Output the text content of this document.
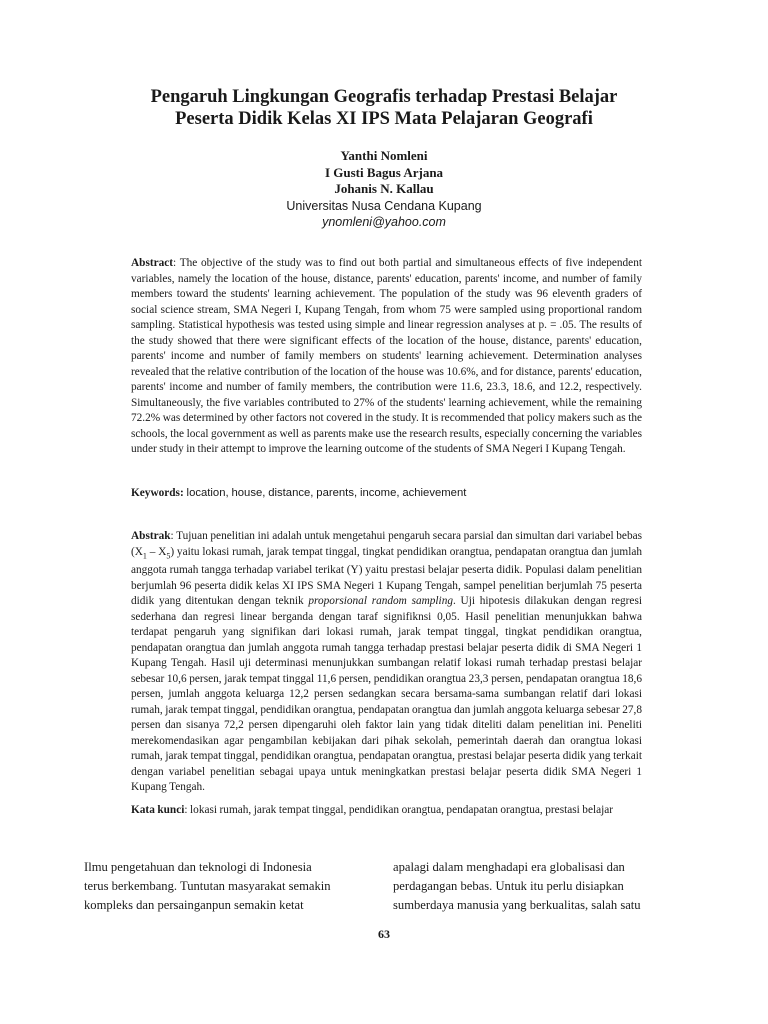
Pengaruh Lingkungan Geografis terhadap Prestasi Belajar
Peserta Didik Kelas XI IPS Mata Pelajaran Geografi
Yanthi Nomleni
I Gusti Bagus Arjana
Johanis N. Kallau
Universitas Nusa Cendana Kupang
ynomleni@yahoo.com
Abstract: The objective of the study was to find out both partial and simultaneous effects of five independent variables, namely the location of the house, distance, parents' education, parents' income, and number of family members toward the students' learning achievement. The population of the study was 96 eleventh graders of social science stream, SMA Negeri I, Kupang Tengah, from whom 75 were sampled using proportional random sampling. Statistical hypothesis was tested using simple and linear regression analyses at p. = .05. The results of the study showed that there were significant effects of the location of the house, distance, parents' education, parents' income and number of family members on students' learning achievement. Determination analyses revealed that the relative contribution of the location of the house was 10.6%, and for distance, parents' education, parents' income and number of family members, the contribution were 11.6, 23.3, 18.6, and 12.2, respectively. Simultaneously, the five variables contributed to 27% of the students' learning achievement, while the remaining 72.2% was determined by other factors not covered in the study. It is recommended that policy makers such as the schools, the local government as well as parents make use the research results, especially concerning the variables under study in their attempt to improve the learning outcome of the students of SMA Negeri I Kupang Tengah.
Keywords: location, house, distance, parents, income, achievement
Abstrak: Tujuan penelitian ini adalah untuk mengetahui pengaruh secara parsial dan simultan dari variabel bebas $(X_1 - X_5)$ yaitu lokasi rumah, jarak tempat tinggal, tingkat pendidikan orangtua, pendapatan orangtua dan jumlah anggota rumah tangga terhadap variabel terikat (Y) yaitu prestasi belajar peserta didik. Populasi dalam penelitian berjumlah 96 peserta didik kelas XI IPS SMA Negeri 1 Kupang Tengah, sampel penelitian berjumlah 75 peserta didik yang ditentukan dengan teknik proporsional random sampling. Uji hipotesis dilakukan dengan regresi sederhana dan regresi linear berganda dengan taraf signifiknsi 0,05. Hasil penelitian menunjukkan bahwa terdapat pengaruh yang signifikan dari lokasi rumah, jarak tempat tinggal, tingkat pendidikan orangtua, pendapatan orangtua dan jumlah anggota rumah tangga terhadap prestasi belajar peserta didik di SMA Negeri 1 Kupang Tengah. Hasil uji determinasi menunjukkan sumbangan relatif lokasi rumah terhadap prestasi belajar sebesar 10,6 persen, jarak tempat tinggal 11,6 persen, pendidikan orangtua 23,3 persen, pendapatan orangtua 18,6 persen, jumlah anggota keluarga 12,2 persen sedangkan secara bersama-sama sumbangan relatif dari lokasi rumah, jarak tempat tinggal, pendidikan orangtua, pendapatan orangtua dan jumlah anggota keluarga sebesar 27,8 persen dan sisanya 72,2 persen dipengaruhi oleh faktor lain yang tidak diteliti dalam penelitian ini. Peneliti merekomendasikan agar pengambilan kebijakan dari pihak sekolah, pemerintah daerah dan orangtua lokasi rumah, jarak tempat tinggal, pendidikan orangtua, pendapatan orangtua, prestasi belajar peserta didik yang terkait dengan variabel penelitian sebagai upaya untuk meningkatkan prestasi belajar peserta didik SMA Negeri 1 Kupang Tengah.
Kata kunci: lokasi rumah, jarak tempat tinggal, pendidikan orangtua, pendapatan orangtua, prestasi belajar
Ilmu pengetahuan dan teknologi di Indonesia
terus berkembang. Tuntutan masyarakat semakin
kompleks dan persainganpun semakin ketat
apalagi dalam menghadapi era globalisasi dan
perdagangan bebas. Untuk itu perlu disiapkan
sumberdaya manusia yang berkualitas, salah satu
63
